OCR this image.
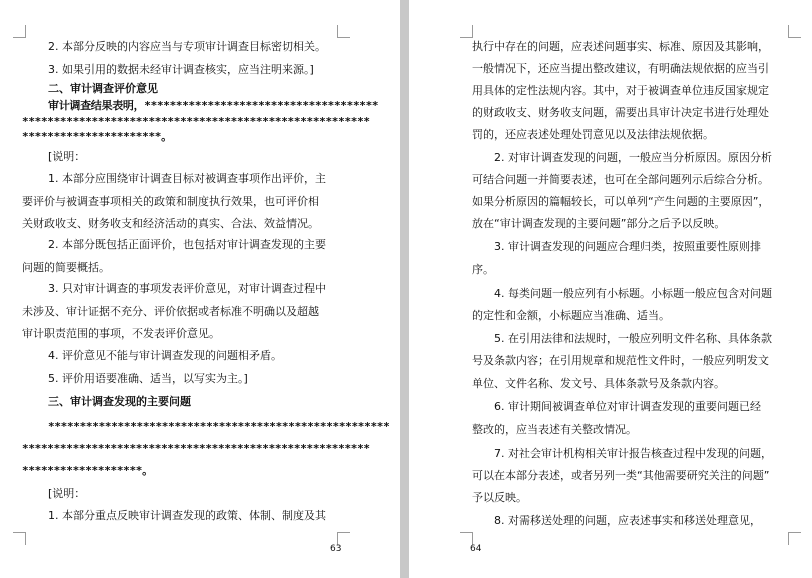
2. 本部分反映的内容应当与专项审计调查目标密切相关。
3. 如果引用的数据未经审计调查核实，应当注明来源。]
二、审计调查评价意见
审计调查结果表明，*************************************
*******************************************************
**********************。
[说明：
1. 本部分应围绕审计调查目标对被调查事项作出评价，主
要评价与被调查事项相关的政策和制度执行效果，也可评价相
关财政收支、财务收支和经济活动的真实、合法、效益情况。
2. 本部分既包括正面评价，也包括对审计调查发现的主要
问题的简要概括。
3. 只对审计调查的事项发表评价意见，对审计调查过程中
未涉及、审计证据不充分、评价依据或者标准不明确以及超越
审计职责范围的事项，不发表评价意见。
4. 评价意见不能与审计调查发现的问题相矛盾。
5. 评价用语要准确、适当，以写实为主。]
三、审计调查发现的主要问题
******************************************************
*******************************************************
*******************。
[说明：
1. 本部分重点反映审计调查发现的政策、体制、制度及其
63
执行中存在的问题，应表述问题事实、标准、原因及其影响，
一般情况下，还应当提出整改建议，有明确法规依据的应当引
用具体的定性法规内容。其中，对于被调查单位违反国家规定
的财政收支、财务收支问题，需要出具审计决定书进行处理处
罚的，还应表述处理处罚意见以及法律法规依据。
2. 对审计调查发现的问题，一般应当分析原因。原因分析
可结合问题一并简要表述，也可在全部问题列示后综合分析。
如果分析原因的篇幅较长，可以单列“产生问题的主要原因”，
放在“审计调查发现的主要问题”部分之后予以反映。
3. 审计调查发现的问题应合理归类，按照重要性原则排
序。
4. 每类问题一般应列有小标题。小标题一般应包含对问题
的定性和金额，小标题应当准确、适当。
5. 在引用法律和法规时，一般应列明文件名称、具体条款
号及条款内容；在引用规章和规范性文件时，一般应列明发文
单位、文件名称、发文号、具体条款号及条款内容。
6. 审计期间被调查单位对审计调查发现的重要问题已经
整改的，应当表述有关整改情况。
7. 对社会审计机构相关审计报告核查过程中发现的问题，
可以在本部分表述，或者另列一类“其他需要研究关注的问题”
予以反映。
8. 对需移送处理的问题，应表述事实和移送处理意见，
64
